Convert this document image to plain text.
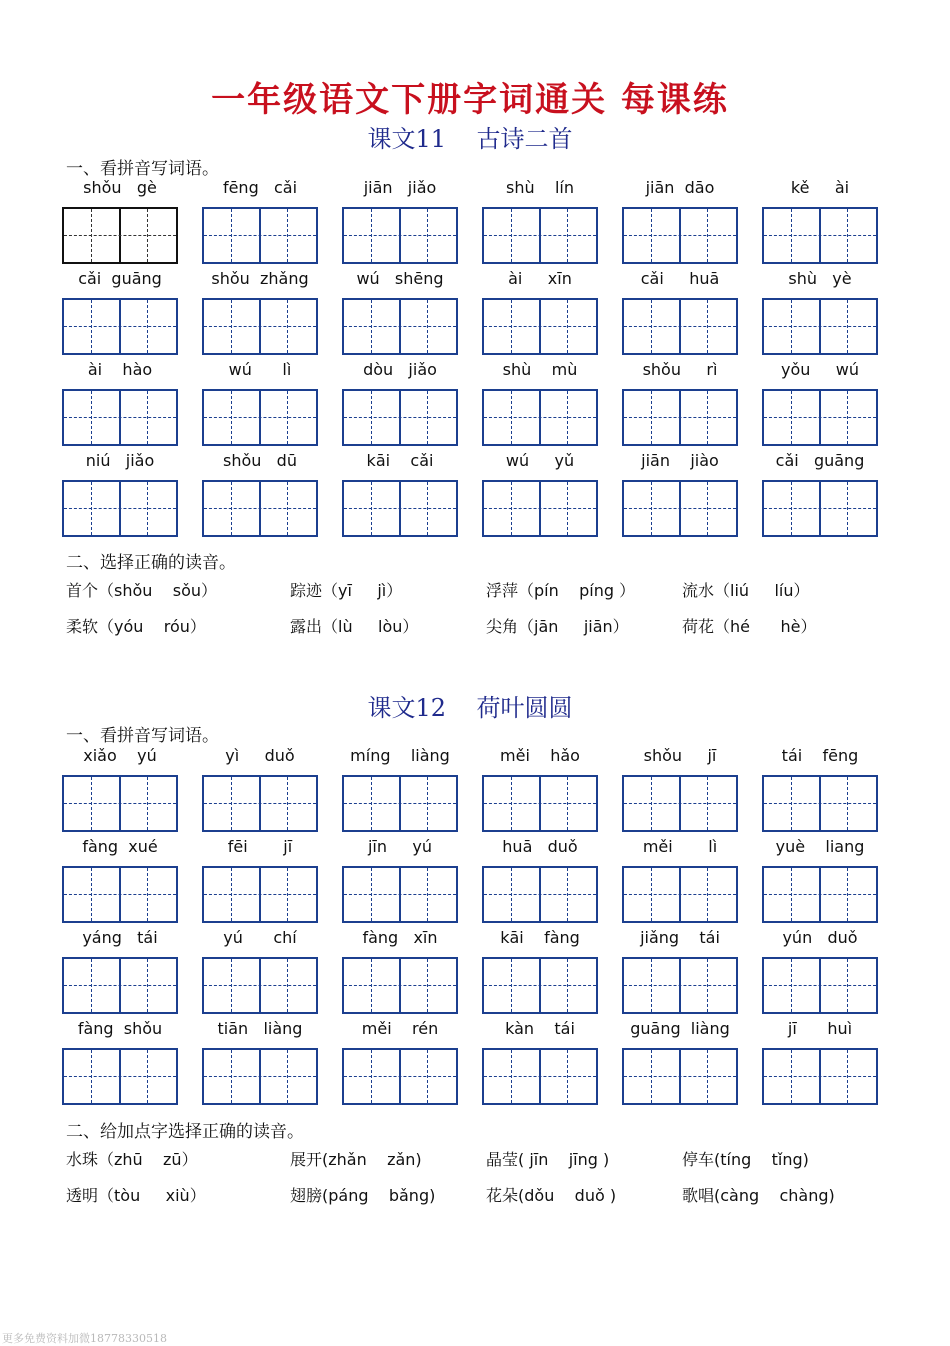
一年级语文下册字词通关 每课练
课文11    古诗二首
一、看拼音写词语。
shǒu   gè	fēng   cǎi	jiān   jiǎo	shù    lín	jiān  dāo	kě     ài
cǎi  guāng	shǒu  zhǎng	wú   shēng	ài     xīn	cǎi     huā	shù   yè
ài    hào	wú      lì	dòu   jiǎo	shù    mù	shǒu     rì	yǒu     wú
niú   jiǎo	shǒu   dū	kāi    cǎi	wú     yǔ	jiān    jiào	cǎi   guāng
二、选择正确的读音。
首个（shǒu    sǒu）	踪迹（yī     jì）	浮萍（pín    píng ）	流水（liú     líu）
柔软（yóu    róu）	露出（lù     lòu）	尖角（jān     jiān）	荷花（hé      hè）
课文12    荷叶圆圆
一、看拼音写词语。
xiǎo    yú	yì     duǒ	míng    liàng	měi    hǎo	shǒu     jī	tái    fēng
fàng  xué	fēi       jī	jīn     yú	huā   duǒ	měi       lì	yuè    liang
yáng   tái	yú      chí	fàng   xīn	kāi    fàng	jiǎng    tái	yún   duǒ
fàng  shǒu	tiān   liàng	měi    rén	kàn    tái	guāng  liàng	jī      huì
二、给加点字选择正确的读音。
水珠（zhū    zū）	展开(zhǎn    zǎn)	晶莹( jīn    jīng )	停车(tíng    tǐng)
透明（tòu     xiù）	翅膀(páng    bǎng)	花朵(dǒu    duǒ )	歌唱(càng    chàng)
更多免费资料加微18778330518
